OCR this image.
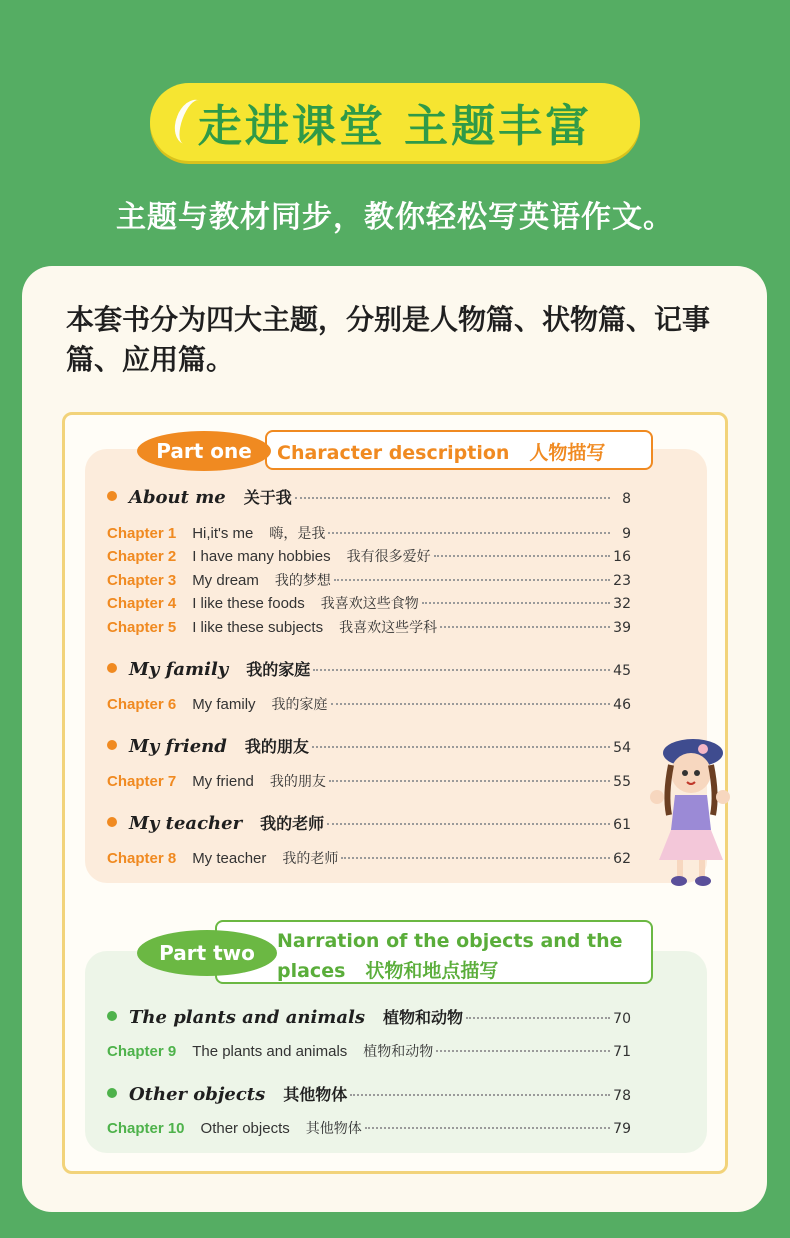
走进课堂 主题丰富
主题与教材同步，教你轻松写英语作文。
本套书分为四大主题，分别是人物篇、状物篇、记事篇、应用篇。
Character description 人物描写
Part one
Narration of the objects and the
places 状物和地点描写
Part two
About me 关于我	8
Chapter 1 Hi,it's me 嗨，是我	9
Chapter 2 I have many hobbies 我有很多爱好	16
Chapter 3 My dream 我的梦想	23
Chapter 4 I like these foods 我喜欢这些食物	32
Chapter 5 I like these subjects 我喜欢这些学科	39
My family 我的家庭	45
Chapter 6 My family 我的家庭	46
My friend 我的朋友	54
Chapter 7 My friend 我的朋友	55
My teacher 我的老师	61
Chapter 8 My teacher 我的老师	62
The plants and animals 植物和动物	70
Chapter 9 The plants and animals 植物和动物	71
Other objects 其他物体	78
Chapter 10 Other objects 其他物体	79
